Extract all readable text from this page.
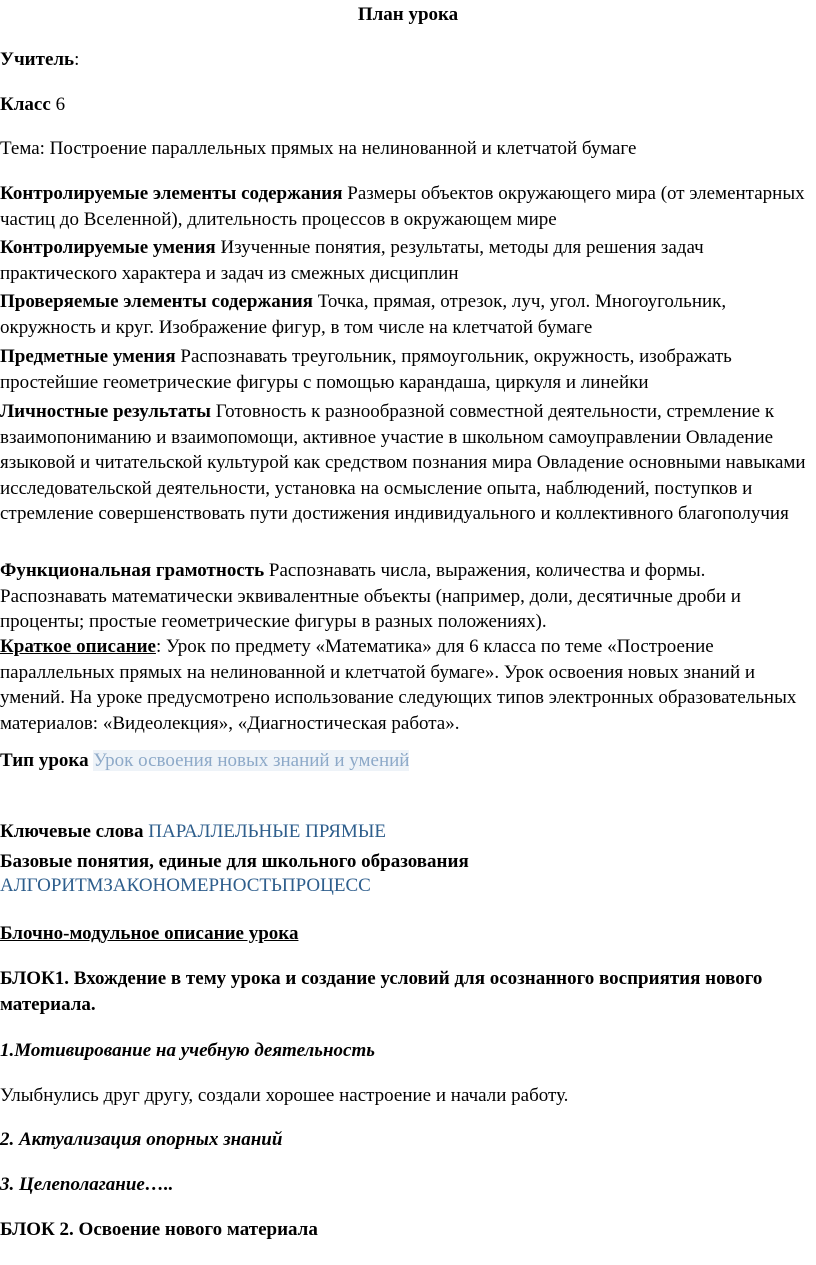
План урока

Учитель:

Класс 6

Тема: Построение параллельных прямых на нелинованной и клетчатой бумаге

Контролируемые элементы содержания Размеры объектов окружающего мира (от элементарных частиц до Вселенной), длительность процессов в окружающем мире

Контролируемые умения Изученные понятия, результаты, методы для решения задач практического характера и задач из смежных дисциплин

Проверяемые элементы содержания Точка, прямая, отрезок, луч, угол. Многоугольник, окружность и круг. Изображение фигур, в том числе на клетчатой бумаге

Предметные умения Распознавать треугольник, прямоугольник, окружность, изображать простейшие геометрические фигуры с помощью карандаша, циркуля и линейки

Личностные результаты Готовность к разнообразной совместной деятельности, стремление к взаимопониманию и взаимопомощи, активное участие в школьном самоуправлении Овладение языковой и читательской культурой как средством познания мира Овладение основными навыками исследовательской деятельности, установка на осмысление опыта, наблюдений, поступков и стремление совершенствовать пути достижения индивидуального и коллективного благополучия

Функциональная грамотность Распознавать числа, выражения, количества и формы. Распознавать математически эквивалентные объекты (например, доли, десятичные дроби и проценты; простые геометрические фигуры в разных положениях).

Краткое описание: Урок по предмету «Математика» для 6 класса по теме «Построение параллельных прямых на нелинованной и клетчатой бумаге». Урок освоения новых знаний и умений. На уроке предусмотрено использование следующих типов электронных образовательных материалов: «Видеолекция», «Диагностическая работа».

Тип урока Урок освоения новых знаний и умений

Ключевые слова ПАРАЛЛЕЛЬНЫЕ ПРЯМЫЕ

Базовые понятия, единые для школьного образования

АЛГОРИТМЗАКОНОМЕРНОСТЬПРОЦЕСС

Блочно-модульное описание урока

БЛОК1. Вхождение в тему урока и создание условий для осознанного восприятия нового материала.

1.Мотивирование на учебную деятельность

Улыбнулись друг другу, создали хорошее настроение и начали работу.

2. Актуализация опорных знаний

3. Целеполагание…..

БЛОК 2. Освоение нового материала
